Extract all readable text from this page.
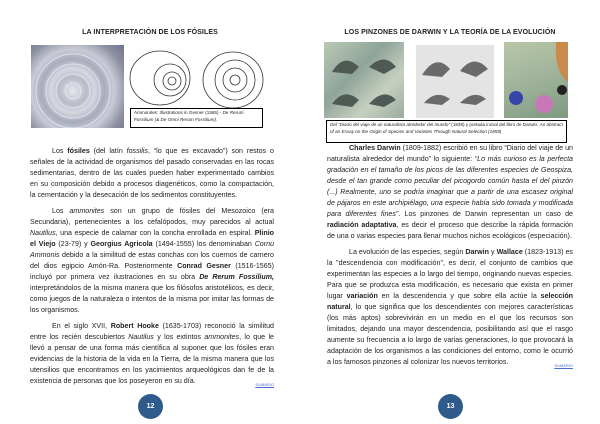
LA INTERPRETACIÓN DE LOS FÓSILES
Ammonites: Illustrations in Gesner (1565) - De Rerum Fossilium (& De Omni Rerum Fossilium).

Los fósiles (del latín fossilis, “lo que es excavado”) son restos o señales de la actividad de organismos del pasado conservadas en las rocas sedimentarias, dentro de las cuales pueden haber experimentado cambios en su composición debido a procesos diagenéticos, como la compactación, la cementación y la desecación de los sedimentos constituyentes.

Los ammonites son un grupo de fósiles del Mesozoico (era Secundaria), pertenecientes a los cefalópodos, muy parecidos al actual Nautilus, una especie de calamar con la concha enrollada en espiral. Plinio el Viejo (23-79) y Georgius Agricola (1494-1555) los denominaban Cornu Ammonis debido a la similitud de estas conchas con los cuernos de carnero del dios egipcio Amón-Ra. Posteriormente Conrad Gesner (1516-1565) incluyó por primera vez ilustraciones en su obra De Rerum Fossilium, interpretándolos de la misma manera que los filósofos aristotélicos, es decir, como juegos de la naturaleza o intentos de la misma por imitar las formas de los organismos.

En el siglo XVII, Robert Hooke (1635-1703) reconoció la similitud entre los recién descubiertos Nautilus y los extintos ammonites, lo que le llevó a pensar de una forma más científica al suponer que los fósiles eran evidencias de la historia de la vida en la Tierra, de la misma manera que los utensilios que encontramos en los yacimientos arqueológicos dan fe de la existencia de personas que los poseyeron en su día.	SUMARIO

12
LOS PINZONES DE DARWIN Y LA TEORÍA DE LA EVOLUCIÓN
Del “Diario del viaje de un naturalista alrededor del mundo” (1839) y portada inicial del libro de Darwin: An abstract of an Essay on the Origin of Species and Varieties Through Natural Selection (1859)

Charles Darwin (1809-1882) escribió en su libro “Diario del viaje de un naturalista alrededor del mundo” lo siguiente: “Lo más curioso es la perfecta gradación en el tamaño de los picos de las diferentes especies de Geospiza, desde el tan grande como peculiar del picogordo común hasta el del pinzón (...) Realmente, uno se podría imaginar que a partir de una escasez original de pájaros en este archipiélago, una especie había sido tomada y modificada para diferentes fines”. Los pinzones de Darwin representan un caso de radiación adaptativa, es decir el proceso que describe la rápida formación de una o varias especies para llenar muchos nichos ecológicos (especiación).

La evolución de las especies, según Darwin y Wallace (1823-1913) es la "descendencia con modificación", es decir, el conjunto de cambios que experimentan las especies a lo largo del tiempo, originando nuevas especies. Para que se produzca esta modificación, es necesario que exista en primer lugar variación en la descendencia y que sobre ella actúe la selección natural, lo que significa que los descendientes con mejores características (los más aptos) sobrevivirán en un medio en el que los recursos son limitados, dejando una mayor descendencia, posibilitando así que el rasgo aumente su frecuencia a lo largo de varias generaciones, lo que provocará la adaptación de los organismos a las condiciones del entorno, como le ocurrió a los famosos pinzones al colonizar los nuevos territorios.	SUMARIO

13
